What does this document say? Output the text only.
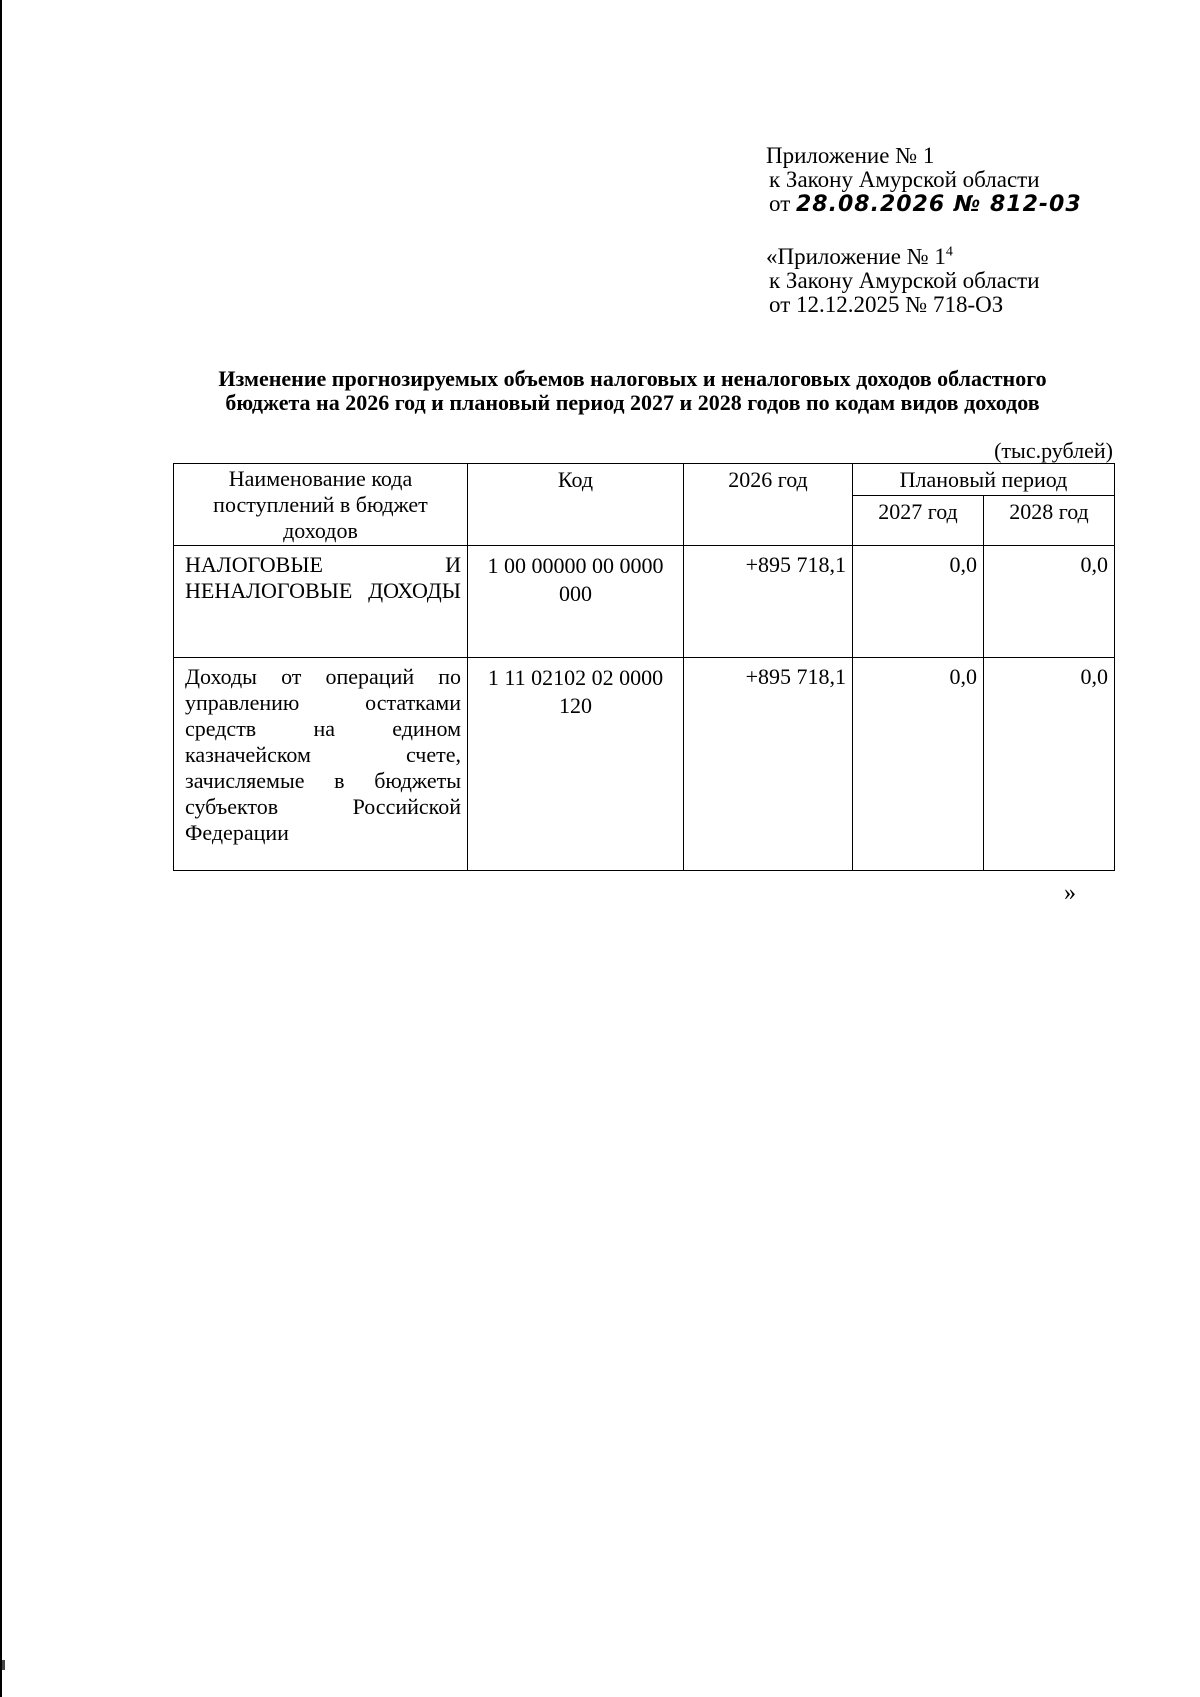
Приложение № 1
к Закону Амурской области
от 28.08.2026 № 812-03
«Приложение № $1^4$
к Закону Амурской области
от 12.12.2025 № 718-ОЗ
Изменение прогнозируемых объемов налоговых и неналоговых доходов областного
бюджета на 2026 год и плановый период 2027 и 2028 годов по кодам видов доходов
(тыс.рублей)
Наименование кода поступлений в бюджет доходов	Код	2026 год	Плановый период	
			2027 год	2028 год
НАЛОГОВЫЕ И НЕНАЛОГОВЫЕ ДОХОДЫ	1 00 00000 00 0000 000	+895 718,1	0,0	0,0
Доходы от операций по управлению остатками средств на едином казначейском счете, зачисляемые в бюджеты субъектов Российской Федерации	1 11 02102 02 0000 120	+895 718,1	0,0	0,0
»
